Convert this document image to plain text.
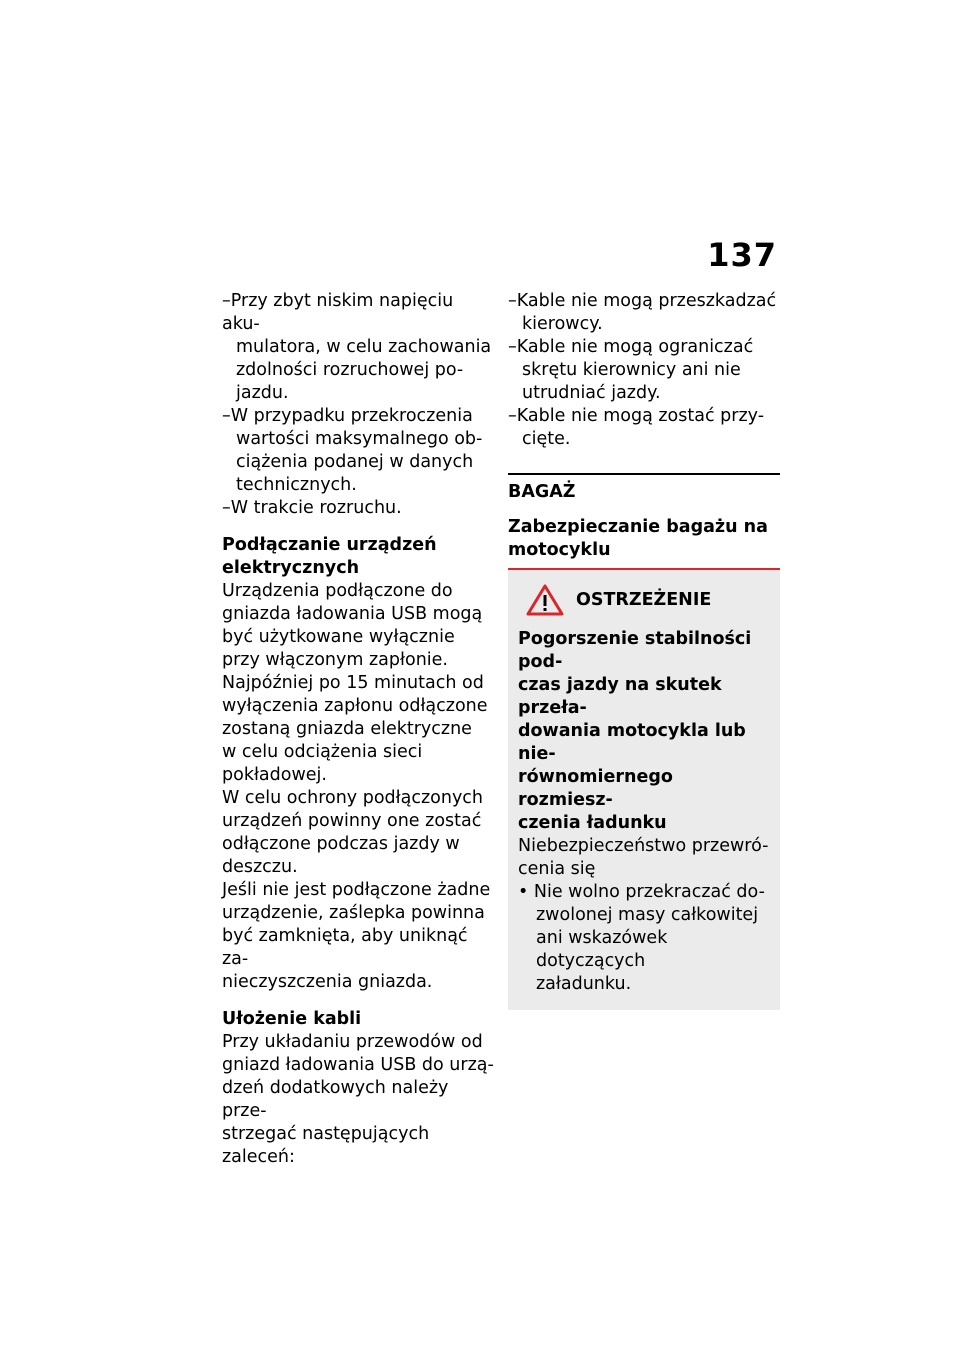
137
–Przy zbyt niskim napięciu aku-
mulatora, w celu zachowania
zdolności rozruchowej po-
jazdu.
–W przypadku przekroczenia
wartości maksymalnego ob-
ciążenia podanej w danych
technicznych.
–W trakcie rozruchu.
Podłączanie urządzeń
elektrycznych
Urządzenia podłączone do
gniazda ładowania USB mogą
być użytkowane wyłącznie
przy włączonym zapłonie.
Najpóźniej po 15 minutach od
wyłączenia zapłonu odłączone
zostaną gniazda elektryczne
w celu odciążenia sieci
pokładowej.
W celu ochrony podłączonych
urządzeń powinny one zostać
odłączone podczas jazdy w
deszczu.
Jeśli nie jest podłączone żadne
urządzenie, zaślepka powinna
być zamknięta, aby uniknąć za-
nieczyszczenia gniazda.
Ułożenie kabli
Przy układaniu przewodów od
gniazd ładowania USB do urzą-
dzeń dodatkowych należy prze-
strzegać następujących zaleceń:
–Kable nie mogą przeszkadzać
kierowcy.
–Kable nie mogą ograniczać
skrętu kierownicy ani nie
utrudniać jazdy.
–Kable nie mogą zostać przy-
cięte.
BAGAŻ
Zabezpieczanie bagażu na
motocyklu
OSTRZEŻENIE
Pogorszenie stabilności pod-
czas jazdy na skutek przeła-
dowania motocykla lub nie-
równomiernego rozmiesz-
czenia ładunku
Niebezpieczeństwo przewró-
cenia się
• Nie wolno przekraczać do-
zwolonej masy całkowitej
ani wskazówek dotyczących
załadunku.
